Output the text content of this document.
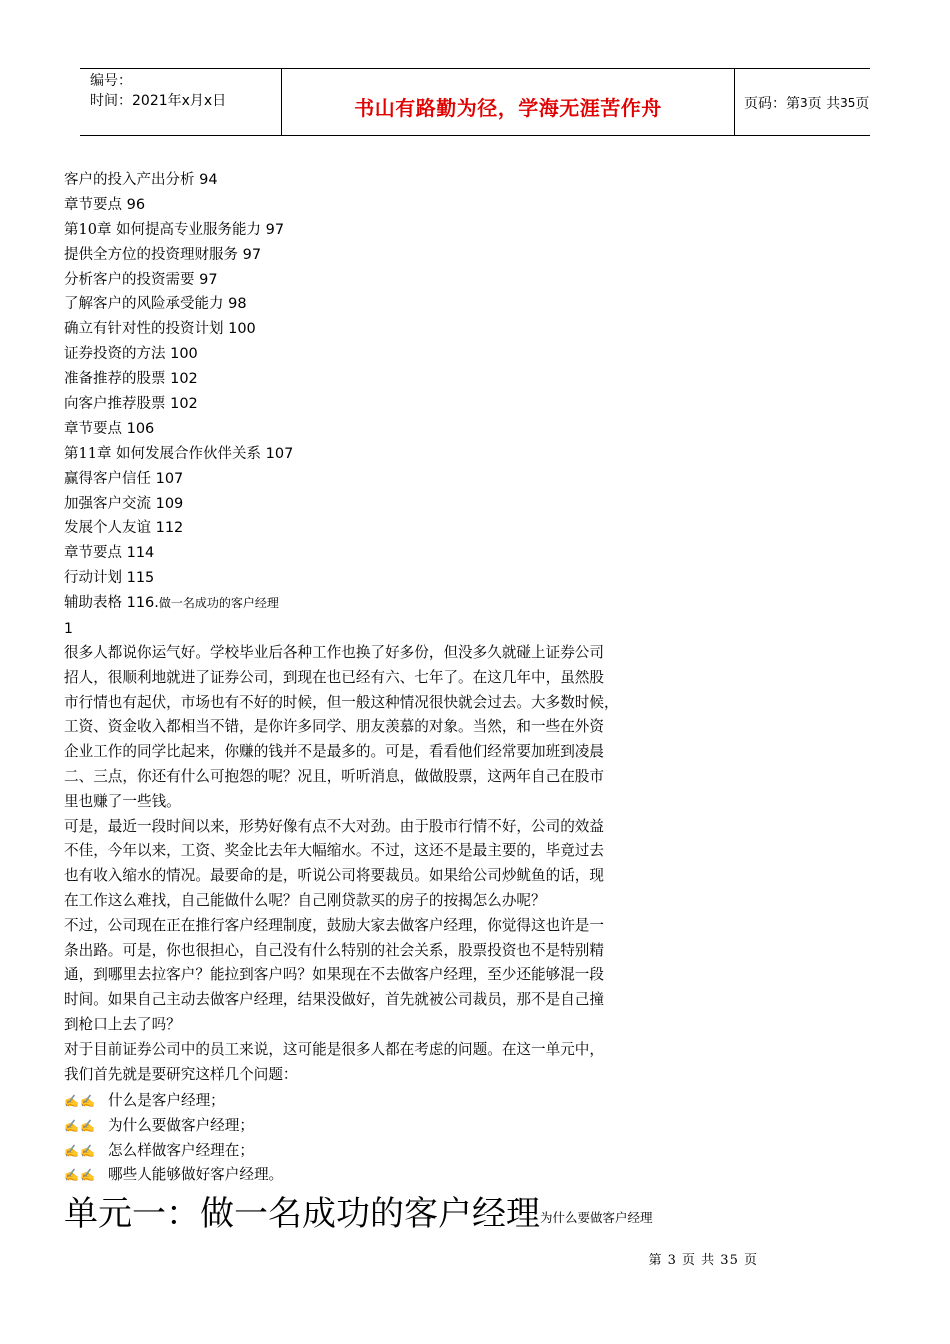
编号：
时间：2021年x月x日	书山有路勤为径，学海无涯苦作舟	页码：第 3 页 共 35 页
客户的投入产出分析 94
章节要点 96
第10章 如何提高专业服务能力 97
提供全方位的投资理财服务 97
分析客户的投资需要 97
了解客户的风险承受能力 98
确立有针对性的投资计划 100
证券投资的方法 100
准备推荐的股票 102
向客户推荐股票 102
章节要点 106
第11章 如何发展合作伙伴关系 107
赢得客户信任 107
加强客户交流 109
发展个人友谊 112
章节要点 114
行动计划 115
辅助表格 116.做一名成功的客户经理
1

很多人都说你运气好。学校毕业后各种工作也换了好多份，但没多久就碰上证券公司

招人，很顺利地就进了证券公司，到现在也已经有六、七年了。在这几年中，虽然股

市行情也有起伏，市场也有不好的时候，但一般这种情况很快就会过去。大多数时候，

工资、资金收入都相当不错，是你许多同学、朋友羡慕的对象。当然，和一些在外资

企业工作的同学比起来，你赚的钱并不是最多的。可是，看看他们经常要加班到凌晨

二、三点，你还有什么可抱怨的呢？况且，听听消息，做做股票，这两年自己在股市

里也赚了一些钱。

可是，最近一段时间以来，形势好像有点不大对劲。由于股市行情不好，公司的效益

不佳，今年以来，工资、奖金比去年大幅缩水。不过，这还不是最主要的，毕竟过去

也有收入缩水的情况。最要命的是，听说公司将要裁员。如果给公司炒鱿鱼的话，现

在工作这么难找，自己能做什么呢？自己刚贷款买的房子的按揭怎么办呢？

不过，公司现在正在推行客户经理制度，鼓励大家去做客户经理，你觉得这也许是一

条出路。可是，你也很担心，自己没有什么特别的社会关系，股票投资也不是特别精

通，到哪里去拉客户？能拉到客户吗？如果现在不去做客户经理，至少还能够混一段

时间。如果自己主动去做客户经理，结果没做好，首先就被公司裁员，那不是自己撞

到枪口上去了吗？

对于目前证券公司中的员工来说，这可能是很多人都在考虑的问题。在这一单元中，

我们首先就是要研究这样几个问题：

✍✍ 什么是客户经理；
✍✍ 为什么要做客户经理；
✍✍ 怎么样做客户经理在；
✍✍ 哪些人能够做好客户经理。
单元一：做一名成功的客户经理$^{为什么要做客户经理}$
第 3 页 共 35 页
